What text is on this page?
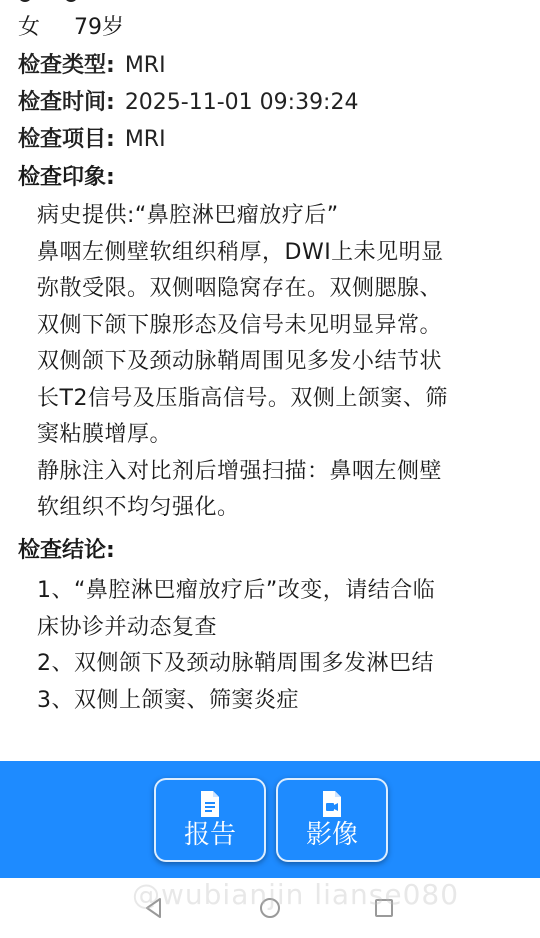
女 79岁
检查类型: MRI
检查时间: 2025-11-01 09:39:24
检查项目: MRI
检查印象:
病史提供:“鼻腔淋巴瘤放疗后”
鼻咽左侧壁软组织稍厚，DWI上未见明显
弥散受限。双侧咽隐窝存在。双侧腮腺、
双侧下颌下腺形态及信号未见明显异常。
双侧颌下及颈动脉鞘周围见多发小结节状
长T2信号及压脂高信号。双侧上颌窦、筛
窦粘膜增厚。
静脉注入对比剂后增强扫描：鼻咽左侧壁
软组织不均匀强化。
检查结论:
1、“鼻腔淋巴瘤放疗后”改变，请结合临
床协诊并动态复查
2、双侧颌下及颈动脉鞘周围多发淋巴结
3、双侧上颌窦、筛窦炎症
报告	影像
@wubianjin lianse080
